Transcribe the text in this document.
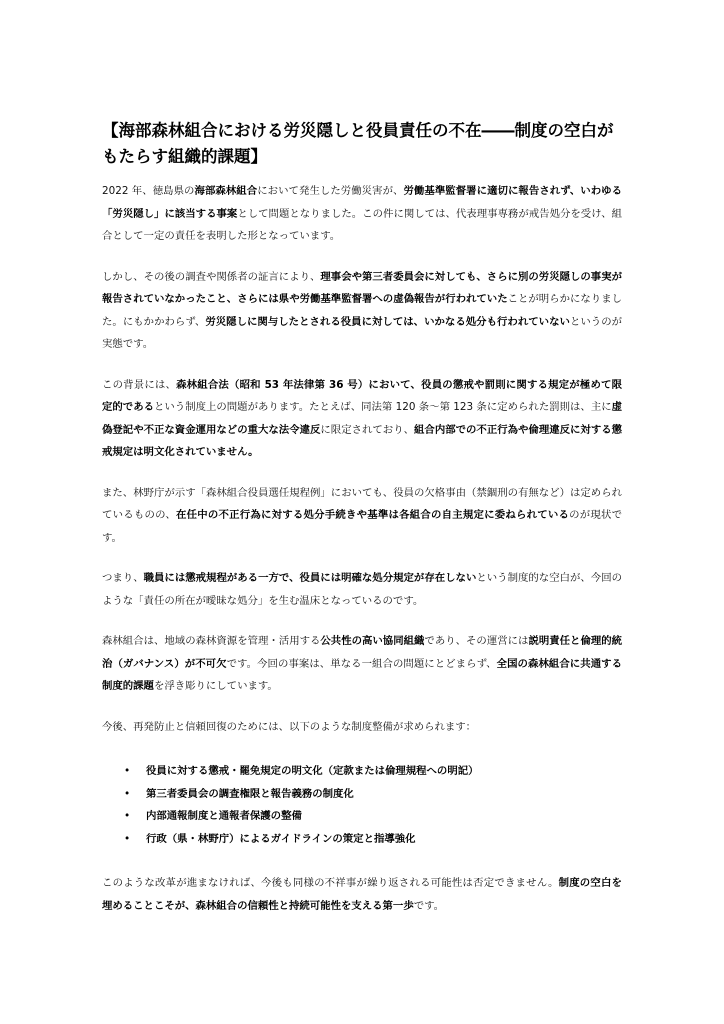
【海部森林組合における労災隠しと役員責任の不在――制度の空白がもたらす組織的課題】

2022 年、徳島県の海部森林組合において発生した労働災害が、労働基準監督署に適切に報告されず、いわゆる「労災隠し」に該当する事案として問題となりました。この件に関しては、代表理事専務が戒告処分を受け、組合として一定の責任を表明した形となっています。

しかし、その後の調査や関係者の証言により、理事会や第三者委員会に対しても、さらに別の労災隠しの事実が報告されていなかったこと、さらには県や労働基準監督署への虚偽報告が行われていたことが明らかになりました。にもかかわらず、労災隠しに関与したとされる役員に対しては、いかなる処分も行われていないというのが実態です。

この背景には、森林組合法（昭和 53 年法律第 36 号）において、役員の懲戒や罰則に関する規定が極めて限定的であるという制度上の問題があります。たとえば、同法第 120 条～第 123 条に定められた罰則は、主に虚偽登記や不正な資金運用などの重大な法令違反に限定されており、組合内部での不正行為や倫理違反に対する懲戒規定は明文化されていません。

また、林野庁が示す「森林組合役員選任規程例」においても、役員の欠格事由（禁錮刑の有無など）は定められているものの、在任中の不正行為に対する処分手続きや基準は各組合の自主規定に委ねられているのが現状です。

つまり、職員には懲戒規程がある一方で、役員には明確な処分規定が存在しないという制度的な空白が、今回のような「責任の所在が曖昧な処分」を生む温床となっているのです。

森林組合は、地域の森林資源を管理・活用する公共性の高い協同組織であり、その運営には説明責任と倫理的統治（ガバナンス）が不可欠です。今回の事案は、単なる一組合の問題にとどまらず、全国の森林組合に共通する制度的課題を浮き彫りにしています。

今後、再発防止と信頼回復のためには、以下のような制度整備が求められます：

• 役員に対する懲戒・罷免規定の明文化（定款または倫理規程への明記）
• 第三者委員会の調査権限と報告義務の制度化
• 内部通報制度と通報者保護の整備
• 行政（県・林野庁）によるガイドラインの策定と指導強化

このような改革が進まなければ、今後も同様の不祥事が繰り返される可能性は否定できません。制度の空白を埋めることこそが、森林組合の信頼性と持続可能性を支える第一歩です。
